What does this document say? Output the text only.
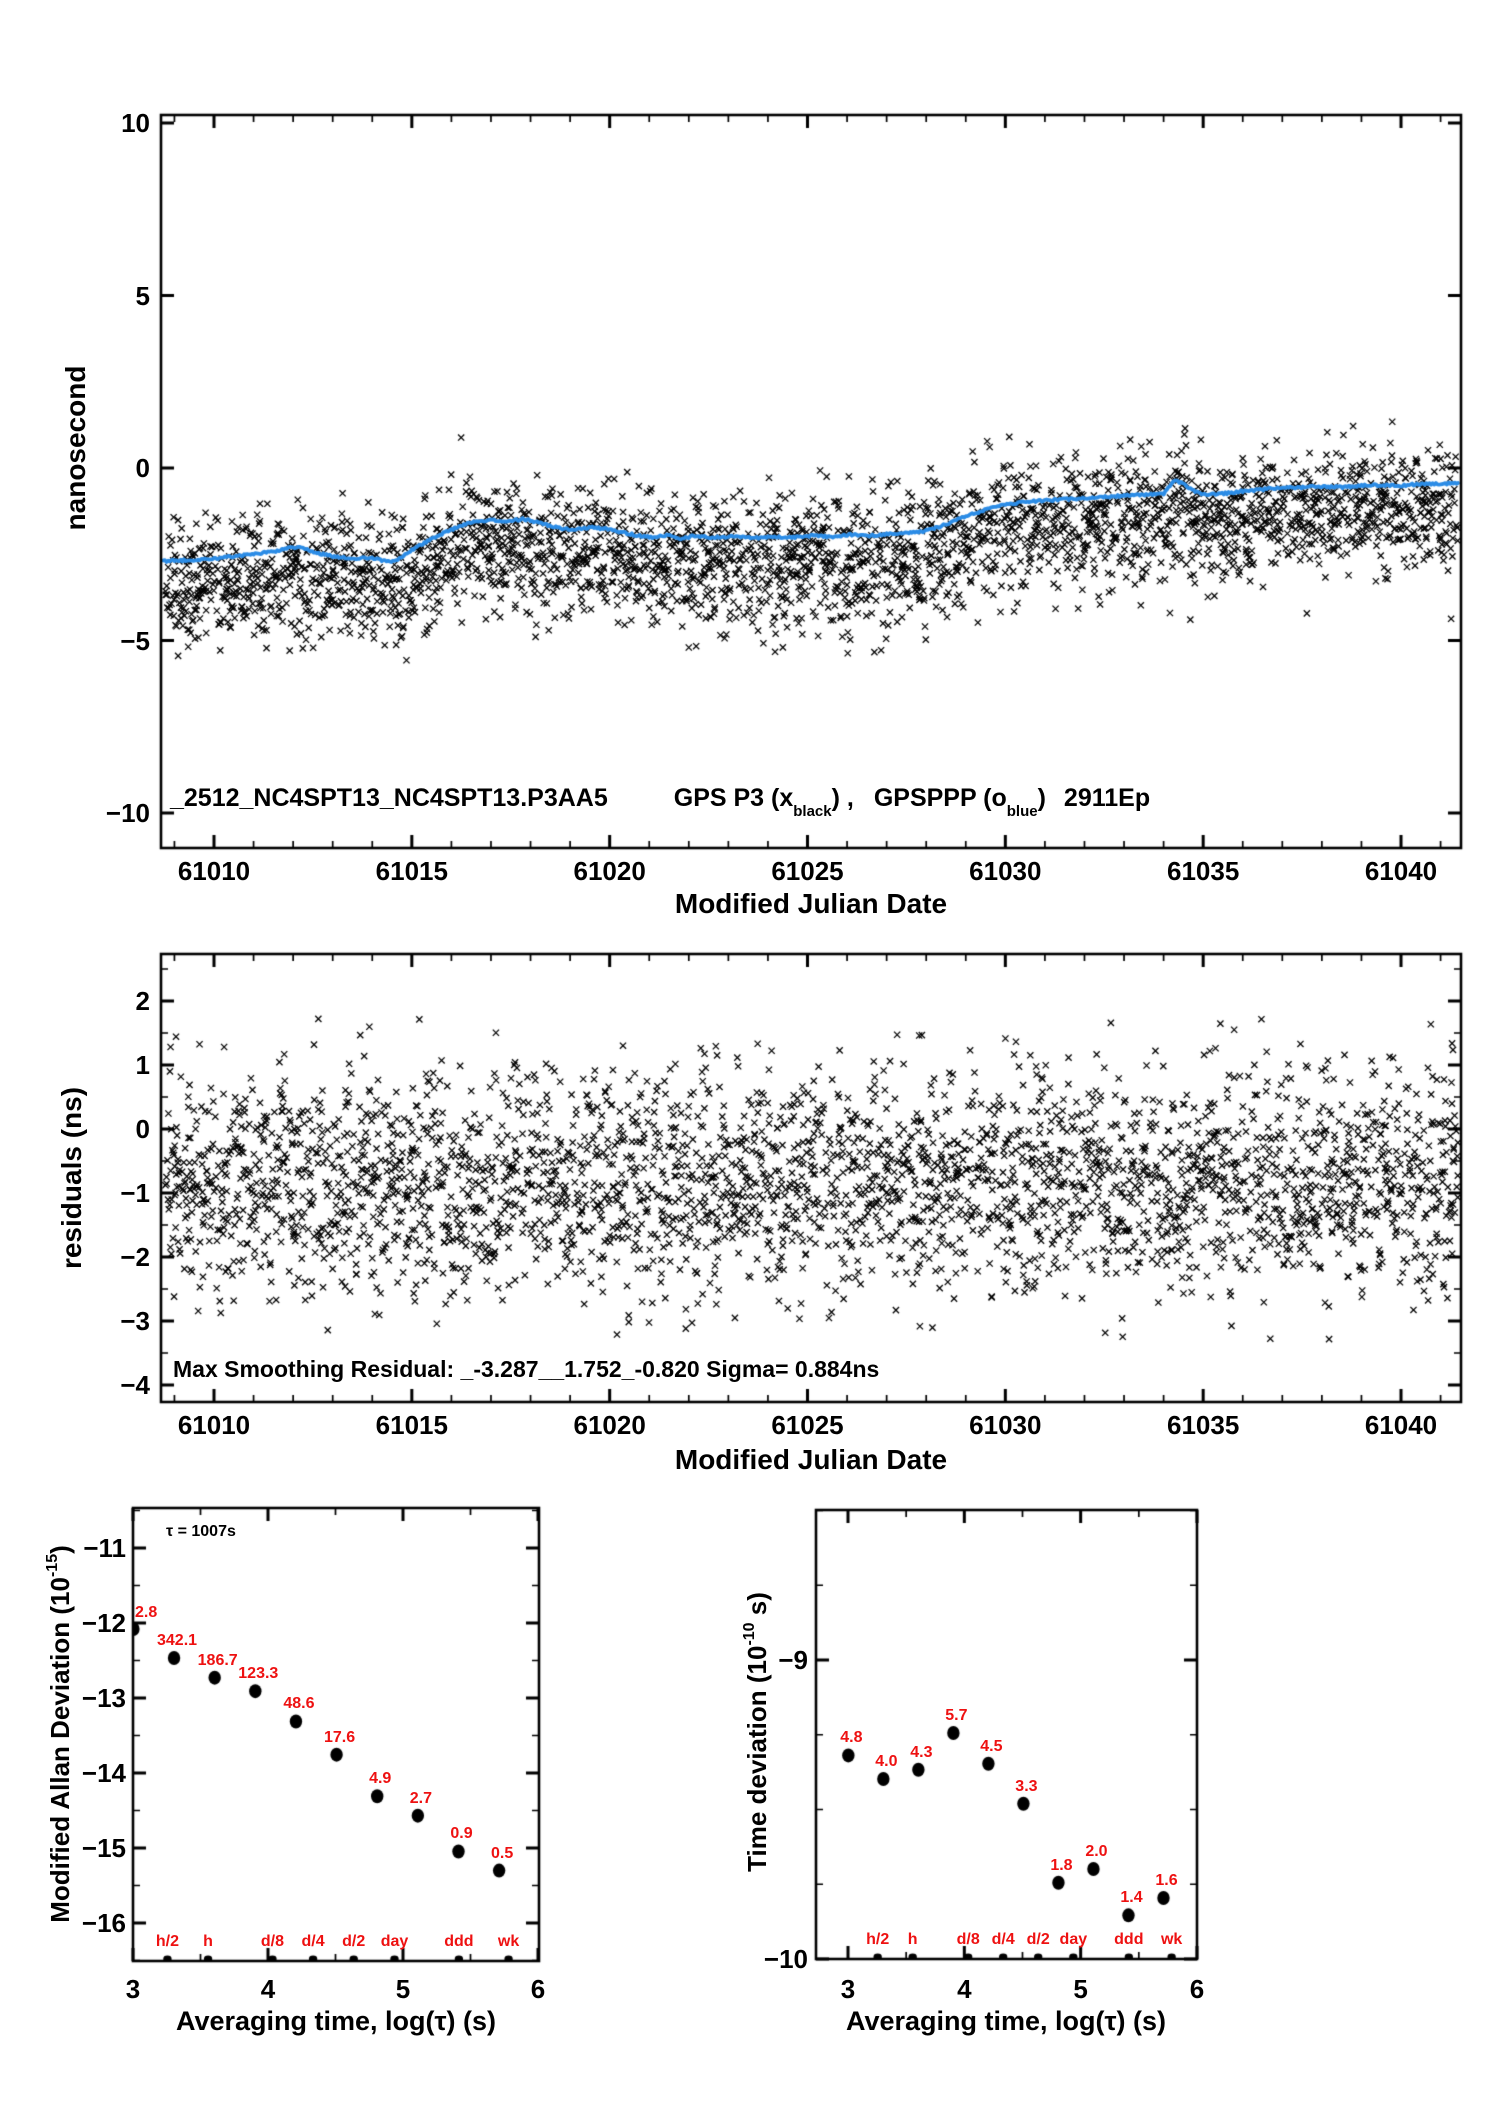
nanosecond
_2512_NC4SPT13_NC4SPT13.P3AA5	GPS P3 $(x_{black})$ , GPSPPP $(o_{blue})$ 2911Ep
Modified Julian Date
residuals (ns)
Max Smoothing Residual: _-3.287__1.752_-0.820 Sigma= 0.884ns
Modified Julian Date
Modified Allan Deviation $(10^{-15})$
τ = 1007s
Averaging time, log(τ) (s)
Time deviation ($10^{-10}$ s)
Averaging time, log(τ) (s)
61010	61015	61020	61025	61030	61035	61040
−10
−5
0
5
10
61010	61015	61020	61025	61030	61035	61040
2
1
0
−1
−2
−3
−4
3	4	5	6
−11
−12
−13
−14
−15
−16
2.8
342.1
186.7
123.3
48.6
17.6
4.9
2.7
0.9
0.5
h/2 h	d/8 d/4 d/2 day ddd wk
3	4	5	6
−9
−10
4.8
4.0
4.3
5.7
4.5
3.3
1.8
2.0
1.4
1.6
h/2 h d/8 d/4 d/2 day ddd wk
